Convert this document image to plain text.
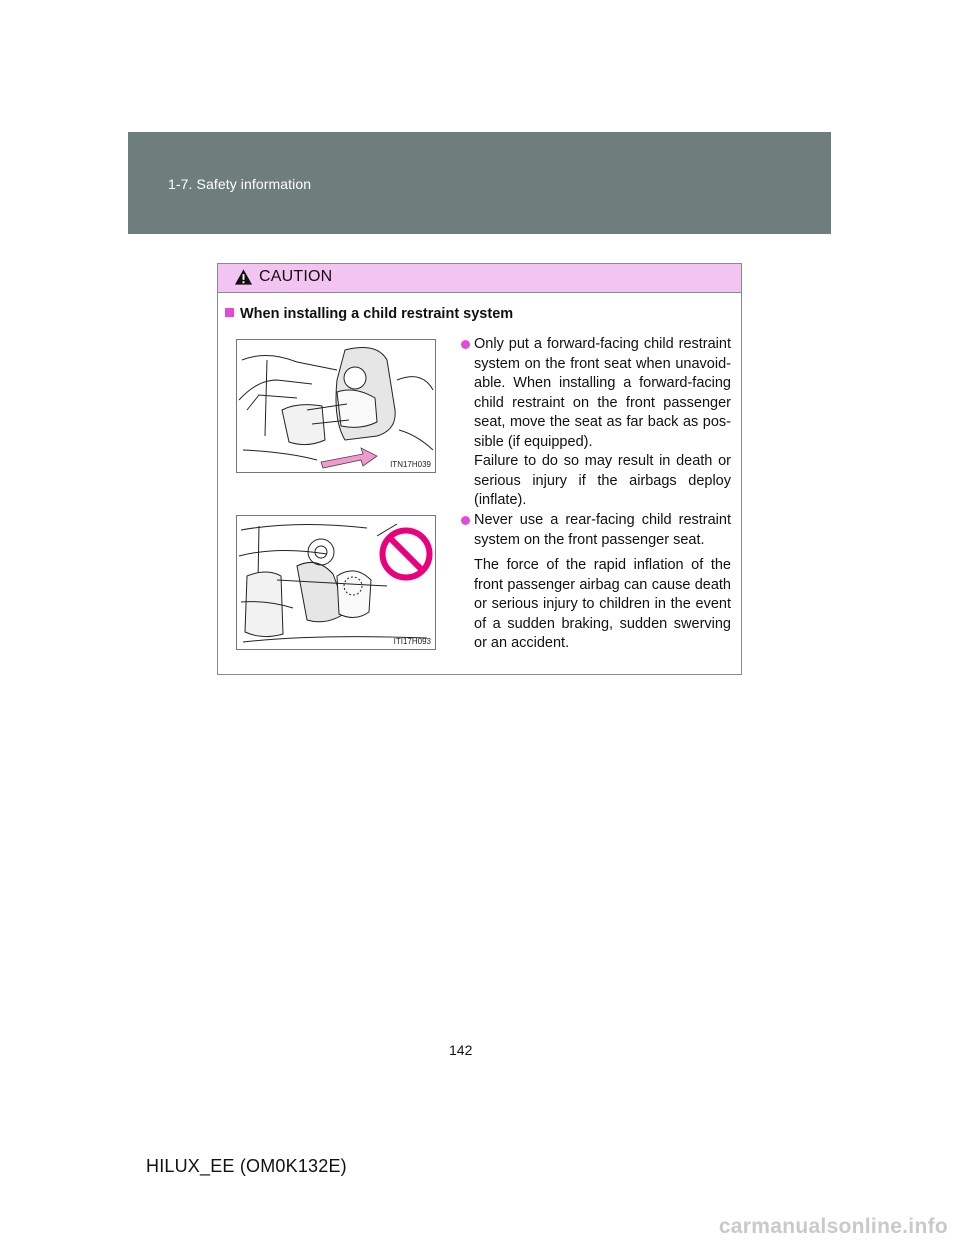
1-7. Safety information
CAUTION
When installing a child restraint system
ITN17H039
ITI17H093
Only put a forward-facing child restraint system on the front seat when unavoid-able. When installing a forward-facing child restraint on the front passenger seat, move the seat as far back as pos-sible (if equipped).
Failure to do so may result in death or serious injury if the airbags deploy (inflate).
Never use a rear-facing child restraint system on the front passenger seat.
The force of the rapid inflation of the front passenger airbag can cause death or serious injury to children in the event of a sudden braking, sudden swerving or an accident.
142
HILUX_EE (OM0K132E)
carmanualsonline.info
